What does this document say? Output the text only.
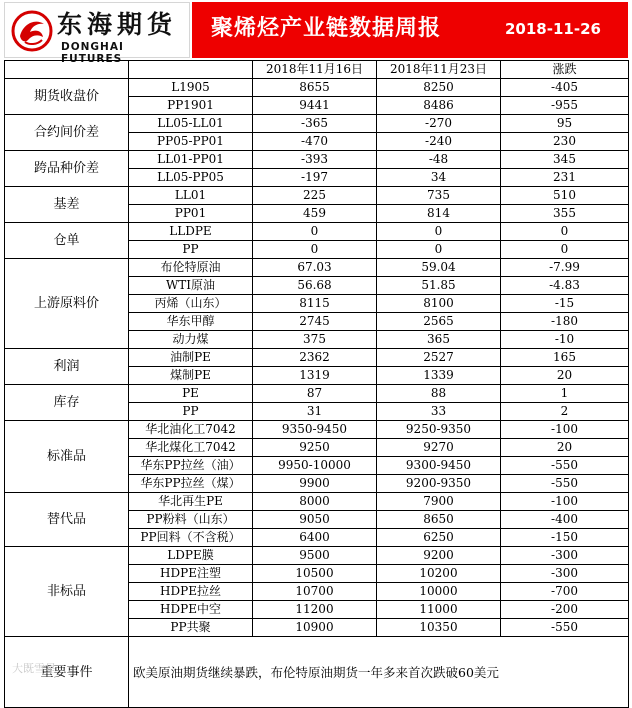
东海期货
DONGHAI FUTURES
聚烯烃产业链数据周报	2018-11-26
		2018年11月16日	2018年11月23日	涨跌
期货收盘价	L1905	8655	8250	-405
	PP1901	9441	8486	-955
合约间价差	LL05-LL01	-365	-270	95
	PP05-PP01	-470	-240	230
跨品种价差	LL01-PP01	-393	-48	345
	LL05-PP05	-197	34	231
基差	LL01	225	735	510
	PP01	459	814	355
仓单	LLDPE	0	0	0
	PP	0	0	0
上游原料价	布伦特原油	67.03	59.04	-7.99
	WTI原油	56.68	51.85	-4.83
	丙烯（山东）	8115	8100	-15
	华东甲醇	2745	2565	-180
	动力煤	375	365	-10
利润	油制PE	2362	2527	165
	煤制PE	1319	1339	20
库存	PE	87	88	1
	PP	31	33	2
标准品	华北油化工7042	9350-9450	9250-9350	-100
	华北煤化工7042	9250	9270	20
	华东PP拉丝（油）	9950-10000	9300-9450	-550
	华东PP拉丝（煤）	9900	9200-9350	-550
替代品	华北再生PE	8000	7900	-100
	PP粉料（山东）	9050	8650	-400
	PP回料（不含税）	6400	6250	-150
非标品	LDPE膜	9500	9200	-300
	HDPE注塑	10500	10200	-300
	HDPE拉丝	10700	10000	-700
	HDPE中空	11200	11000	-200
	PP共聚	10900	10350	-550
重要事件	欧美原油期货继续暴跌，布伦特原油期货一年多来首次跌破60美元			
大既雪星
